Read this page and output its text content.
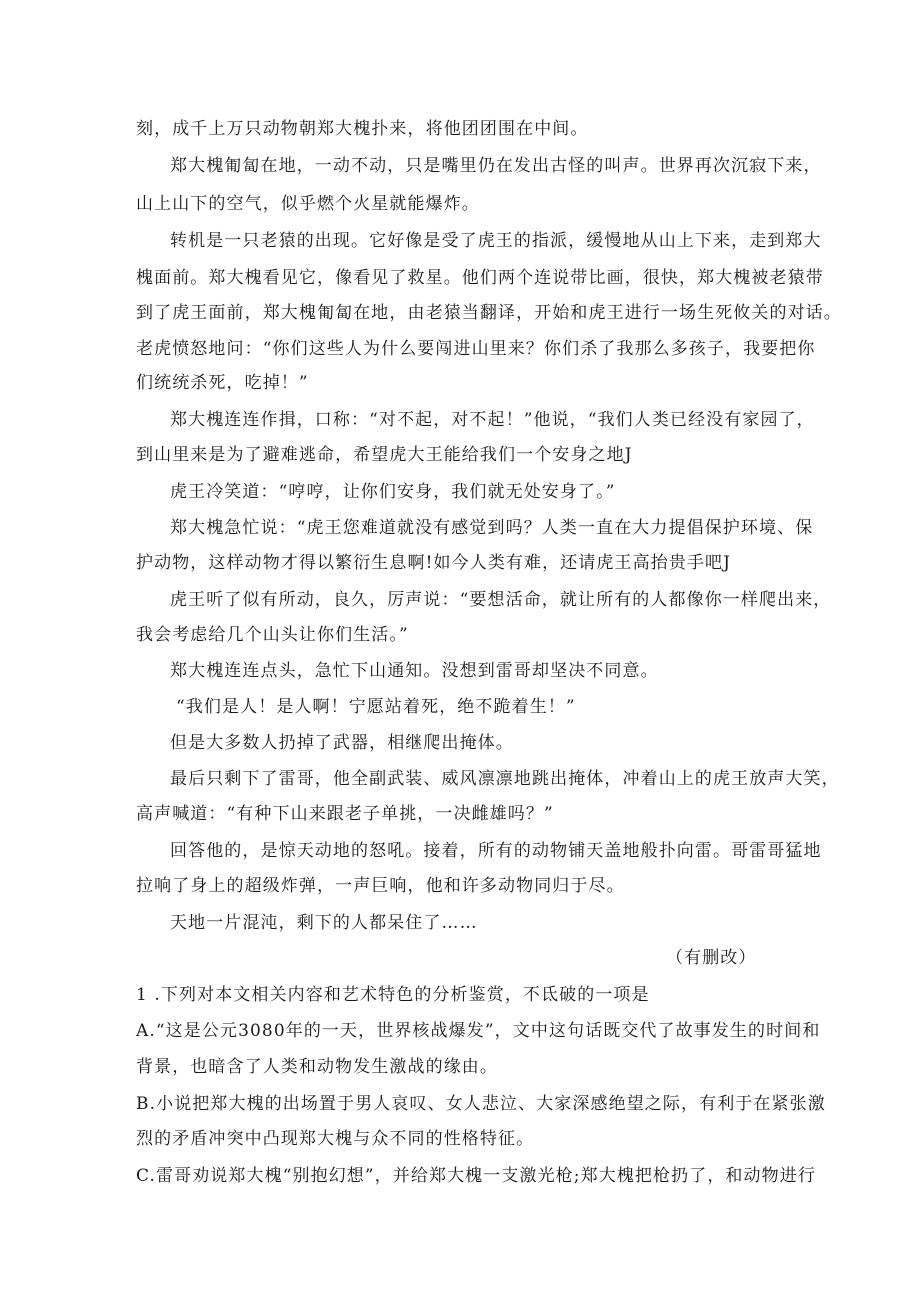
刻，成千上万只动物朝郑大槐扑来，将他团团围在中间。
郑大槐匍匐在地，一动不动，只是嘴里仍在发出古怪的叫声。世界再次沉寂下来，
山上山下的空气，似乎燃个火星就能爆炸。
转机是一只老猿的出现。它好像是受了虎王的指派，缓慢地从山上下来，走到郑大
槐面前。郑大槐看见它，像看见了救星。他们两个连说带比画，很快，郑大槐被老猿带
到了虎王面前，郑大槐匍匐在地，由老猿当翻译，开始和虎王进行一场生死攸关的对话。
老虎愤怒地问：“你们这些人为什么要闯进山里来？你们杀了我那么多孩子，我要把你
们统统杀死，吃掉！”
郑大槐连连作揖，口称：“对不起，对不起！”他说，“我们人类已经没有家园了，
到山里来是为了避难逃命，希望虎大王能给我们一个安身之地J
虎王冷笑道：“哼哼，让你们安身，我们就无处安身了。”
郑大槐急忙说：“虎王您难道就没有感觉到吗？人类一直在大力提倡保护环境、保
护动物，这样动物才得以繁衍生息啊!如今人类有难，还请虎王高抬贵手吧J
虎王听了似有所动，良久，厉声说：“要想活命，就让所有的人都像你一样爬出来，
我会考虑给几个山头让你们生活。”
郑大槐连连点头，急忙下山通知。没想到雷哥却坚决不同意。
“我们是人！是人啊！宁愿站着死，绝不跪着生！”
但是大多数人扔掉了武器，相继爬出掩体。
最后只剩下了雷哥，他全副武装、威风凛凛地跳出掩体，冲着山上的虎王放声大笑，
高声喊道：“有种下山来跟老子单挑，一决雌雄吗？”
回答他的，是惊天动地的怒吼。接着，所有的动物铺天盖地般扑向雷。哥雷哥猛地
拉响了身上的超级炸弹，一声巨响，他和许多动物同归于尽。
天地一片混沌，剩下的人都呆住了……
（有删改）
1 .下列对本文相关内容和艺术特色的分析鉴赏，不氐破的一项是
A.“这是公元3080年的一天，世界核战爆发”，文中这句话既交代了故事发生的时间和
背景，也暗含了人类和动物发生激战的缘由。
B.小说把郑大槐的出场置于男人哀叹、女人悲泣、大家深感绝望之际，有利于在紧张激
烈的矛盾冲突中凸现郑大槐与众不同的性格特征。
C.雷哥劝说郑大槐“别抱幻想”，并给郑大槐一支激光枪;郑大槐把枪扔了，和动物进行
